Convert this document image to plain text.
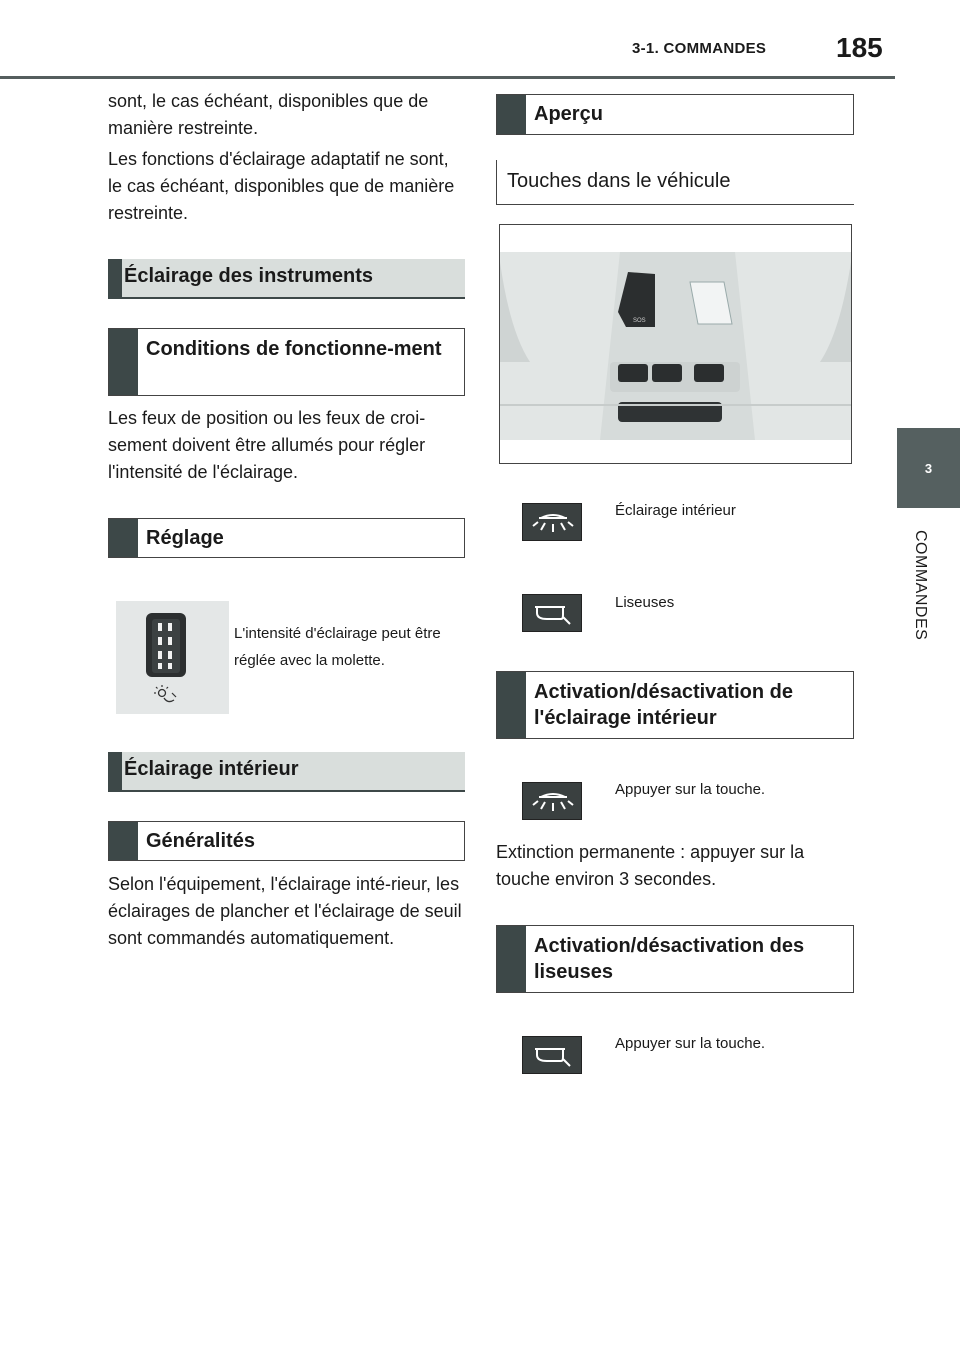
3-1. COMMANDES 185
3
COMMANDES
sont, le cas échéant, disponibles que de manière restreinte.
Les fonctions d'éclairage adaptatif ne sont, le cas échéant, disponibles que de manière restreinte.
Éclairage des instruments
Conditions de fonctionne-ment
Les feux de position ou les feux de croi-sement doivent être allumés pour régler l'intensité de l'éclairage.
Réglage
L'intensité d'éclairage peut être réglée avec la molette.
Éclairage intérieur
Généralités
Selon l'équipement, l'éclairage inté-rieur, les éclairages de plancher et l'éclairage de seuil sont commandés automatiquement.
Aperçu
Touches dans le véhicule
SOS
Éclairage intérieur
Liseuses
Activation/désactivation de l'éclairage intérieur
Appuyer sur la touche.
Extinction permanente : appuyer sur la touche environ 3 secondes.
Activation/désactivation des liseuses
Appuyer sur la touche.
